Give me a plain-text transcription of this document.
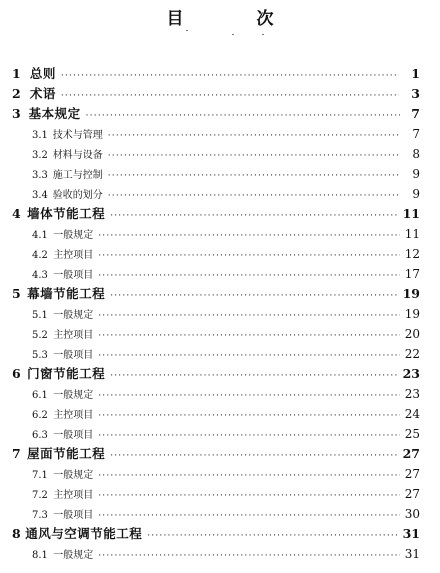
目　次
1 总则 ·····	1
2 术语 ·····	3
3 基本规定 ·····	7
3.1 技术与管理 ·····	7
3.2 材料与设备 ·····	8
3.3 施工与控制 ·····	9
3.4 验收的划分 ·····	9
4 墙体节能工程 ·····	11
4.1 一般规定 ·····	11
4.2 主控项目 ·····	12
4.3 一般项目 ·····	17
5 幕墙节能工程 ·····	19
5.1 一般规定 ·····	19
5.2 主控项目 ·····	20
5.3 一般项目 ·····	22
6 门窗节能工程 ·····	23
6.1 一般规定 ·····	23
6.2 主控项目 ·····	24
6.3 一般项目 ·····	25
7 屋面节能工程 ·····	27
7.1 一般规定 ·····	27
7.2 主控项目 ·····	27
7.3 一般项目 ·····	30
8 通风与空调节能工程 ·····	31
8.1 一般规定 ·····	31
